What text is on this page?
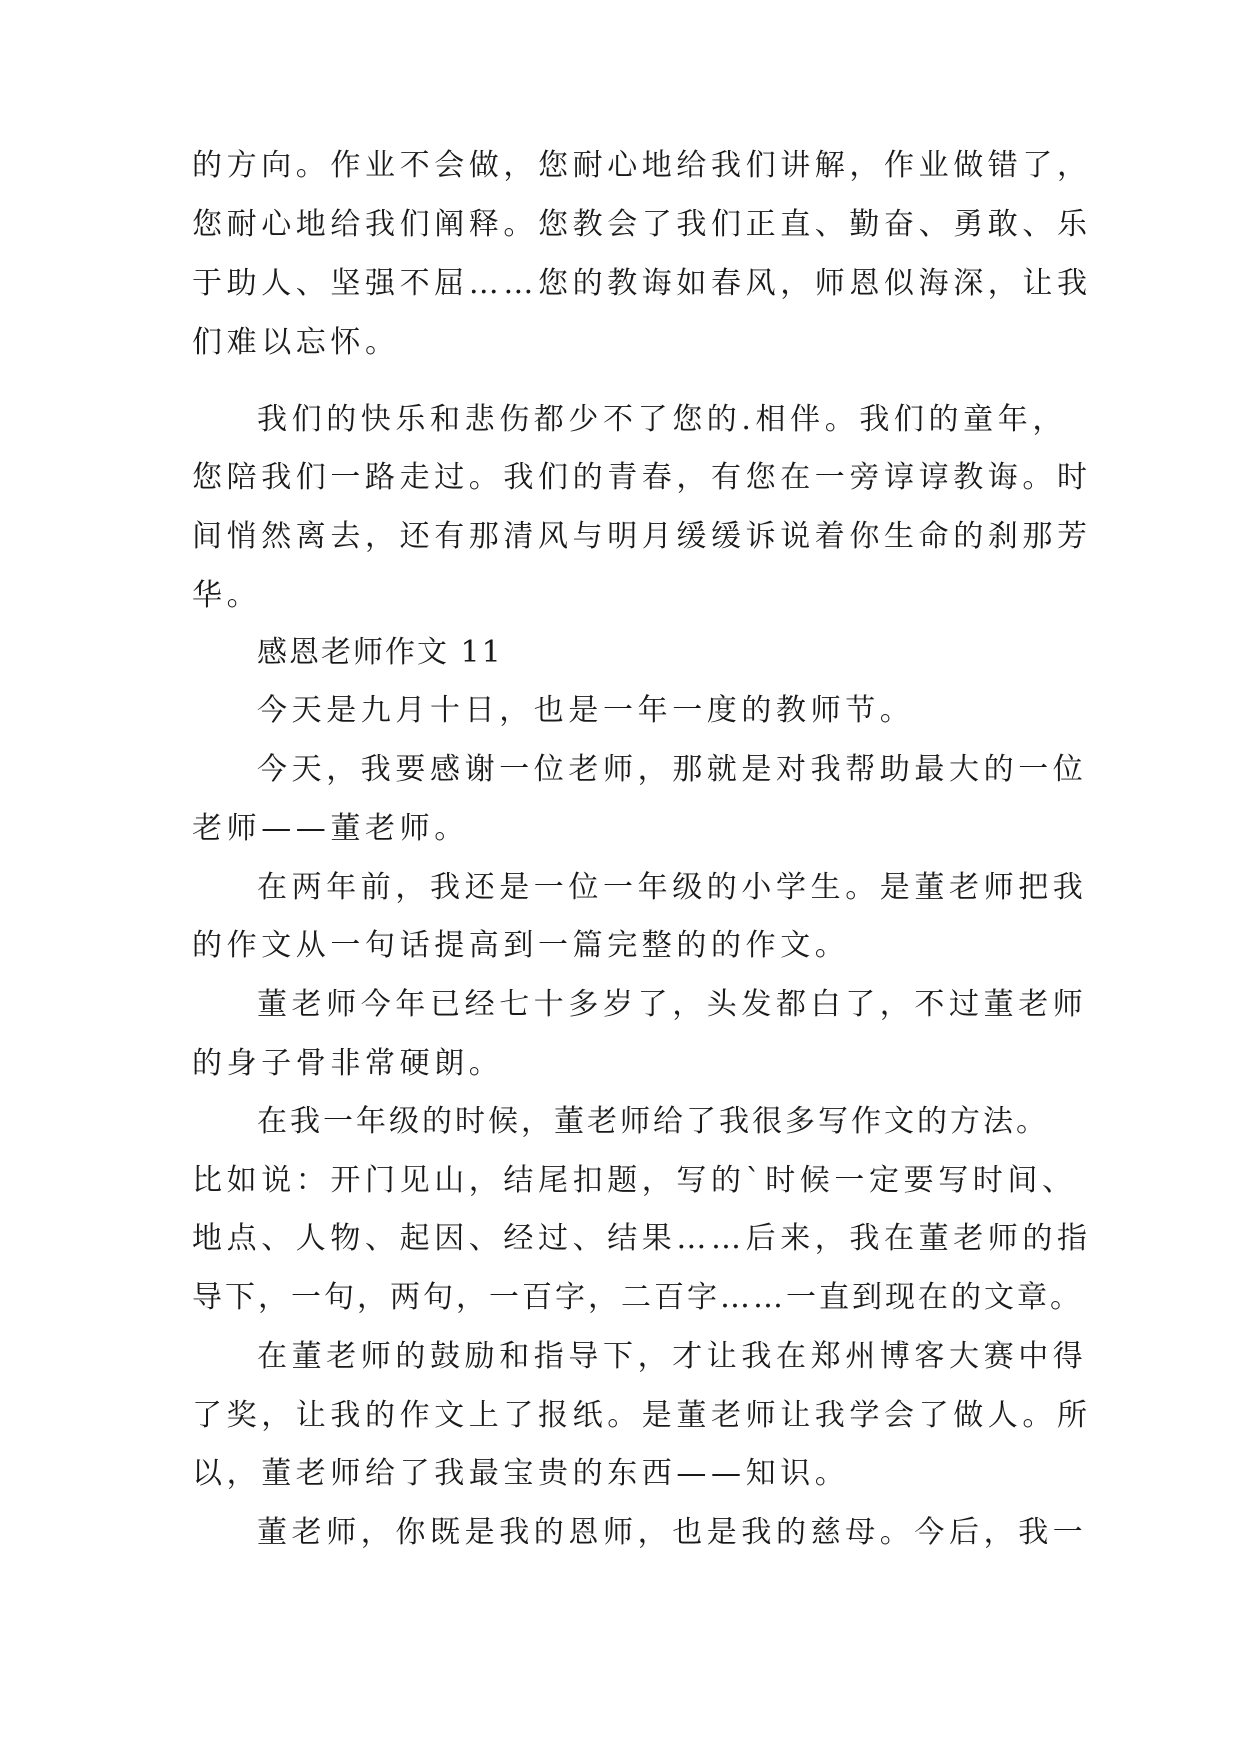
的方向。作业不会做，您耐心地给我们讲解，作业做错了，
您耐心地给我们阐释。您教会了我们正直、勤奋、勇敢、乐
于助人、坚强不屈……您的教诲如春风，师恩似海深，让我
们难以忘怀。
我们的快乐和悲伤都少不了您的.相伴。我们的童年，
您陪我们一路走过。我们的青春，有您在一旁谆谆教诲。时
间悄然离去，还有那清风与明月缓缓诉说着你生命的刹那芳
华。
感恩老师作文 11
今天是九月十日，也是一年一度的教师节。
今天，我要感谢一位老师，那就是对我帮助最大的一位
老师——董老师。
在两年前，我还是一位一年级的小学生。是董老师把我
的作文从一句话提高到一篇完整的的作文。
董老师今年已经七十多岁了，头发都白了，不过董老师
的身子骨非常硬朗。
在我一年级的时候，董老师给了我很多写作文的方法。
比如说：开门见山，结尾扣题，写的`时候一定要写时间、
地点、人物、起因、经过、结果……后来，我在董老师的指
导下，一句，两句，一百字，二百字……一直到现在的文章。
在董老师的鼓励和指导下，才让我在郑州博客大赛中得
了奖，让我的作文上了报纸。是董老师让我学会了做人。所
以，董老师给了我最宝贵的东西——知识。
董老师，你既是我的恩师，也是我的慈母。今后，我一
